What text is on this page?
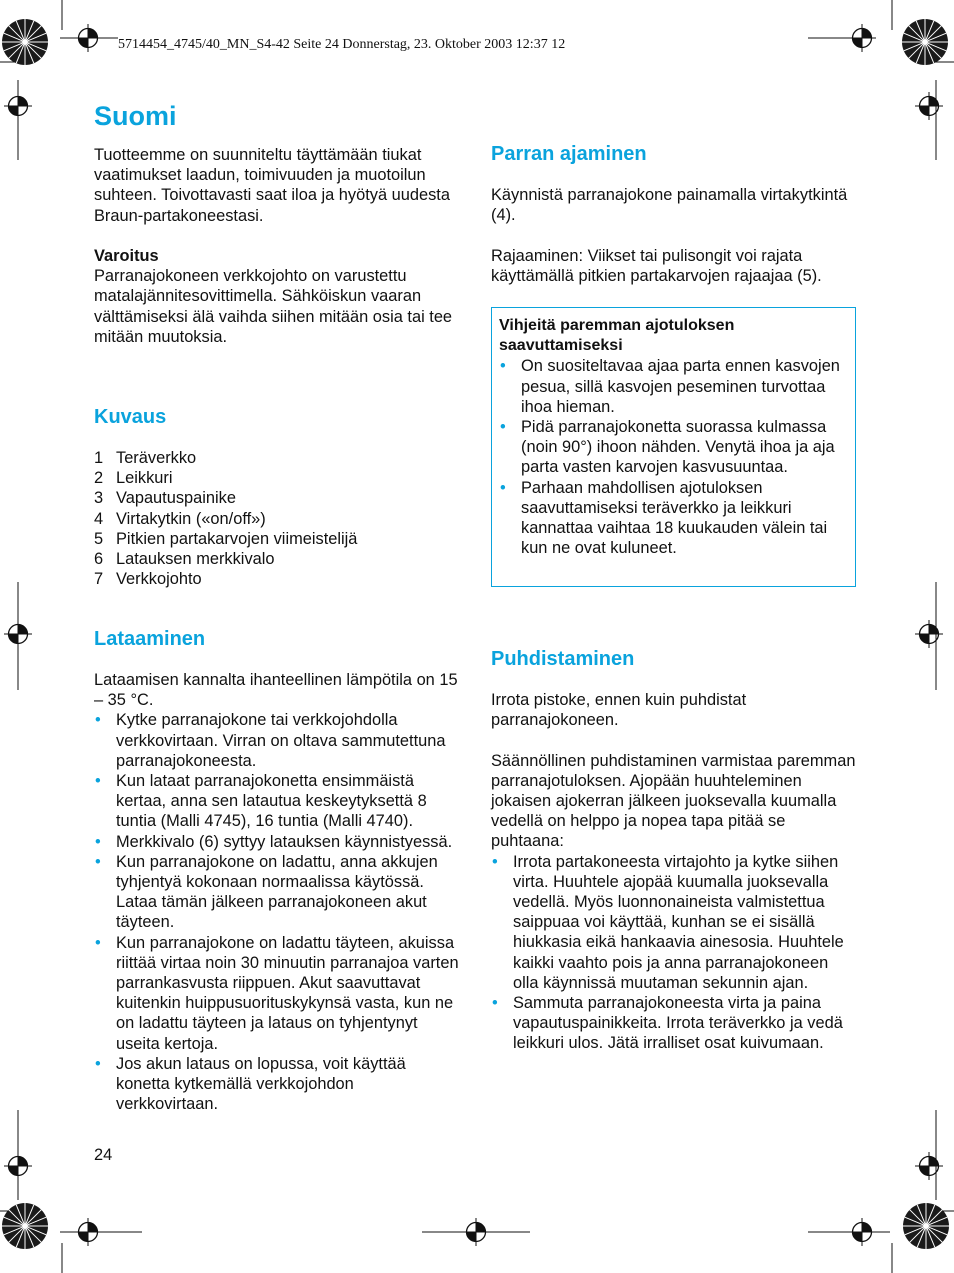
5714454_4745/40_MN_S4-42 Seite 24 Donnerstag, 23. Oktober 2003 12:37 12
Suomi
Tuotteemme on suunniteltu täyttämään tiukat vaatimukset laadun, toimivuuden ja muotoilun suhteen. Toivottavasti saat iloa ja hyötyä uudesta Braun-partakoneestasi.

Varoitus

Parranajokoneen verkkojohto on varustettu matalajännitesovittimella. Sähköiskun vaaran välttämiseksi älä vaihda siihen mitään osia tai tee mitään muutoksia.

Kuvaus
1 Teräverkko
2 Leikkuri
3 Vapautuspainike
4 Virtakytkin («on/off»)
5 Pitkien partakarvojen viimeistelijä
6 Latauksen merkkivalo
7 Verkkojohto
Lataaminen

Lataamisen kannalta ihanteellinen lämpötila on 15 – 35 °C.

• Kytke parranajokone tai verkkojohdolla verkkovirtaan. Virran on oltava sammutettuna parranajokoneesta.
• Kun lataat parranajokonetta ensimmäistä kertaa, anna sen latautua keskeytyksettä 8 tuntia (Malli 4745), 16 tuntia (Malli 4740).
• Merkkivalo (6) syttyy latauksen käynnistyessä.
• Kun parranajokone on ladattu, anna akkujen tyhjentyä kokonaan normaalissa käytössä. Lataa tämän jälkeen parranajokoneen akut täyteen.
• Kun parranajokone on ladattu täyteen, akuissa riittää virtaa noin 30 minuutin parranajoa varten parrankasvusta riippuen. Akut saavuttavat kuitenkin huippusuorituskykynsä vasta, kun ne on ladattu täyteen ja lataus on tyhjentynyt useita kertoja.
• Jos akun lataus on lopussa, voit käyttää konetta kytkemällä verkkojohdon verkkovirtaan.
24
Parran ajaminen

Käynnistä parranajokone painamalla virtakytkintä (4).

Rajaaminen: Viikset tai pulisongit voi rajata käyttämällä pitkien partakarvojen rajaajaa (5).

Vihjeitä paremman ajotuloksen saavuttamiseksi
• On suositeltavaa ajaa parta ennen kasvojen pesua, sillä kasvojen peseminen turvottaa ihoa hieman.
• Pidä parranajokonetta suorassa kulmassa (noin 90°) ihoon nähden. Venytä ihoa ja aja parta vasten karvojen kasvusuuntaa.
• Parhaan mahdollisen ajotuloksen saavuttamiseksi teräverkko ja leikkuri kannattaa vaihtaa 18 kuukauden välein tai kun ne ovat kuluneet.
Puhdistaminen

Irrota pistoke, ennen kuin puhdistat parranajokoneen.

Säännöllinen puhdistaminen varmistaa paremman parranajotuloksen. Ajopään huuhteleminen jokaisen ajokerran jälkeen juoksevalla kuumalla vedellä on helppo ja nopea tapa pitää se puhtaana:

• Irrota partakoneesta virtajohto ja kytke siihen virta. Huuhtele ajopää kuumalla juoksevalla vedellä. Myös luonnonaineista valmistettua saippuaa voi käyttää, kunhan se ei sisällä hiukkasia eikä hankaavia ainesosia. Huuhtele kaikki vaahto pois ja anna parranajokoneen olla käynnissä muutaman sekunnin ajan.
• Sammuta parranajokoneesta virta ja paina vapautuspainikkeita. Irrota teräverkko ja vedä leikkuri ulos. Jätä irralliset osat kuivumaan.
